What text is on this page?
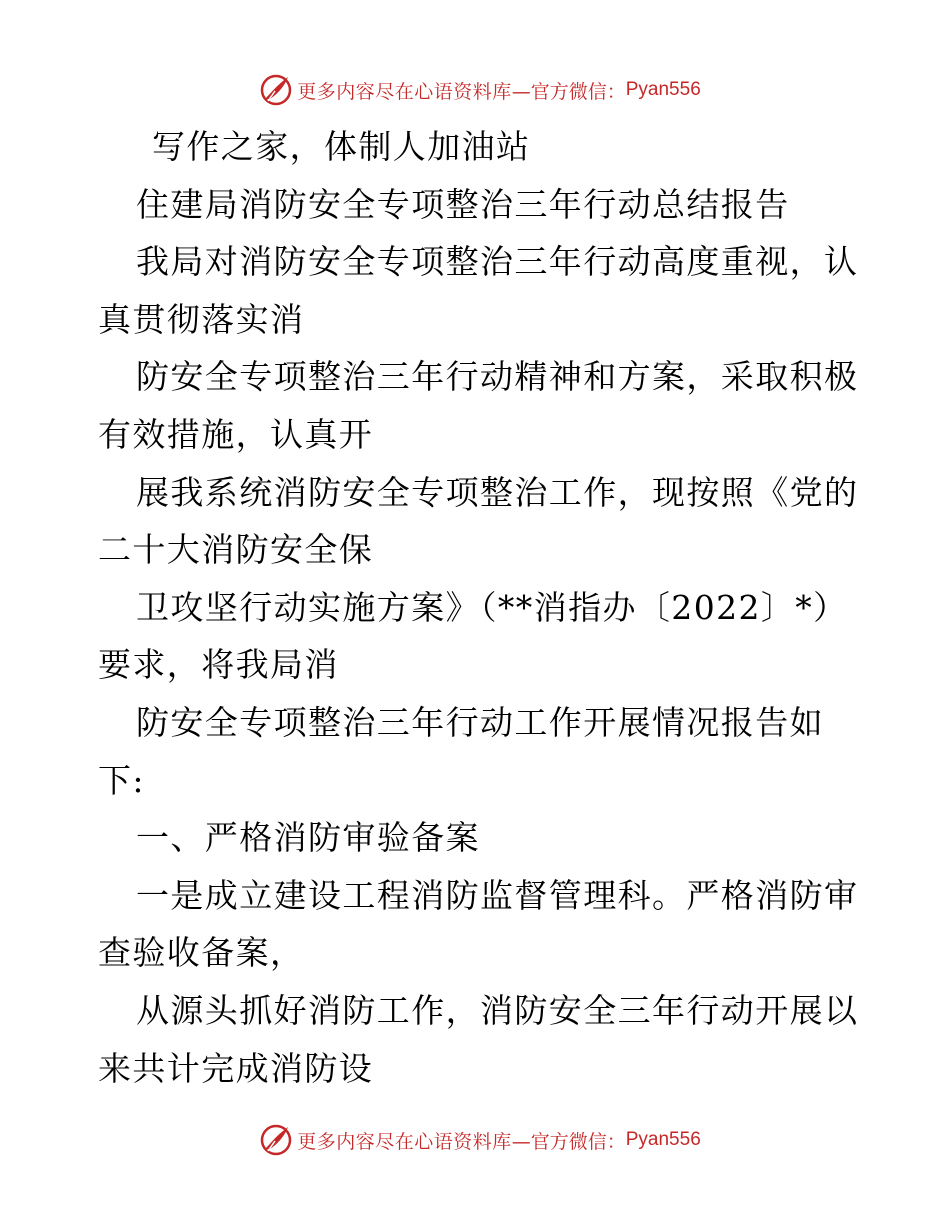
更多内容尽在心语资料库 —官方微信： Pyan556
写作之家，体制人加油站
住建局消防安全专项整治三年行动总结报告
我局对消防安全专项整治三年行动高度重视，认
真贯彻落实消
防安全专项整治三年行动精神和方案，采取积极
有效措施，认真开
展我系统消防安全专项整治工作，现按照《党的
二十大消防安全保
卫攻坚行动实施方案》（**消指办〔2022〕*）
要求，将我局消
防安全专项整治三年行动工作开展情况报告如
下:
一、严格消防审验备案
一是成立建设工程消防监督管理科。严格消防审
查验收备案，
从源头抓好消防工作，消防安全三年行动开展以
来共计完成消防设
更多内容尽在心语资料库 —官方微信： Pyan556
